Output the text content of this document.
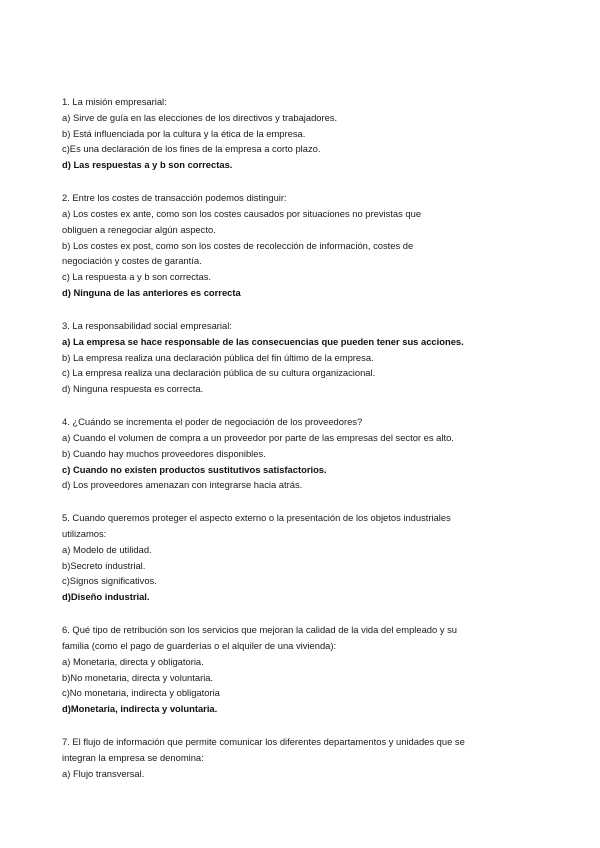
1. La misión empresarial:
a) Sirve de guía en las elecciones de los directivos y trabajadores.
b) Está influenciada por la cultura y la ética de la empresa.
c)Es una declaración de los fines de la empresa a corto plazo.
d) Las respuestas a y b son correctas.
2. Entre los costes de transacción podemos distinguir:
a) Los costes ex ante, como son los costes causados por situaciones no previstas que
obliguen a renegociar algún aspecto.
b) Los costes ex post, como son los costes de recolección de información, costes de
negociación y costes de garantía.
c) La respuesta a y b son correctas.
d) Ninguna de las anteriores es correcta
3. La responsabilidad social empresarial:
a) La empresa se hace responsable de las consecuencias que pueden tener sus acciones.
b) La empresa realiza una declaración pública del fin último de la empresa.
c) La empresa realiza una declaración pública de su cultura organizacional.
d) Ninguna respuesta es correcta.
4. ¿Cuándo se incrementa el poder de negociación de los proveedores?
a) Cuando el volumen de compra a un proveedor por parte de las empresas del sector es alto.
b) Cuando hay muchos proveedores disponibles.
c) Cuando no existen productos sustitutivos satisfactorios.
d) Los proveedores amenazan con integrarse hacia atrás.
5. Cuando queremos proteger el aspecto externo o la presentación de los objetos industriales
utilizamos:
a) Modelo de utilidad.
b)Secreto industrial.
c)Signos significativos.
d)Diseño industrial.
6. Qué tipo de retribución son los servicios que mejoran la calidad de la vida del empleado y su
familia (como el pago de guarderías o el alquiler de una vivienda):
a) Monetaria, directa y obligatoria.
b)No monetaria, directa y voluntaria.
c)No monetaria, indirecta y obligatoria
d)Monetaria, indirecta y voluntaria.
7. El flujo de información que permite comunicar los diferentes departamentos y unidades que se
integran la empresa se denomina:
a) Flujo transversal.
